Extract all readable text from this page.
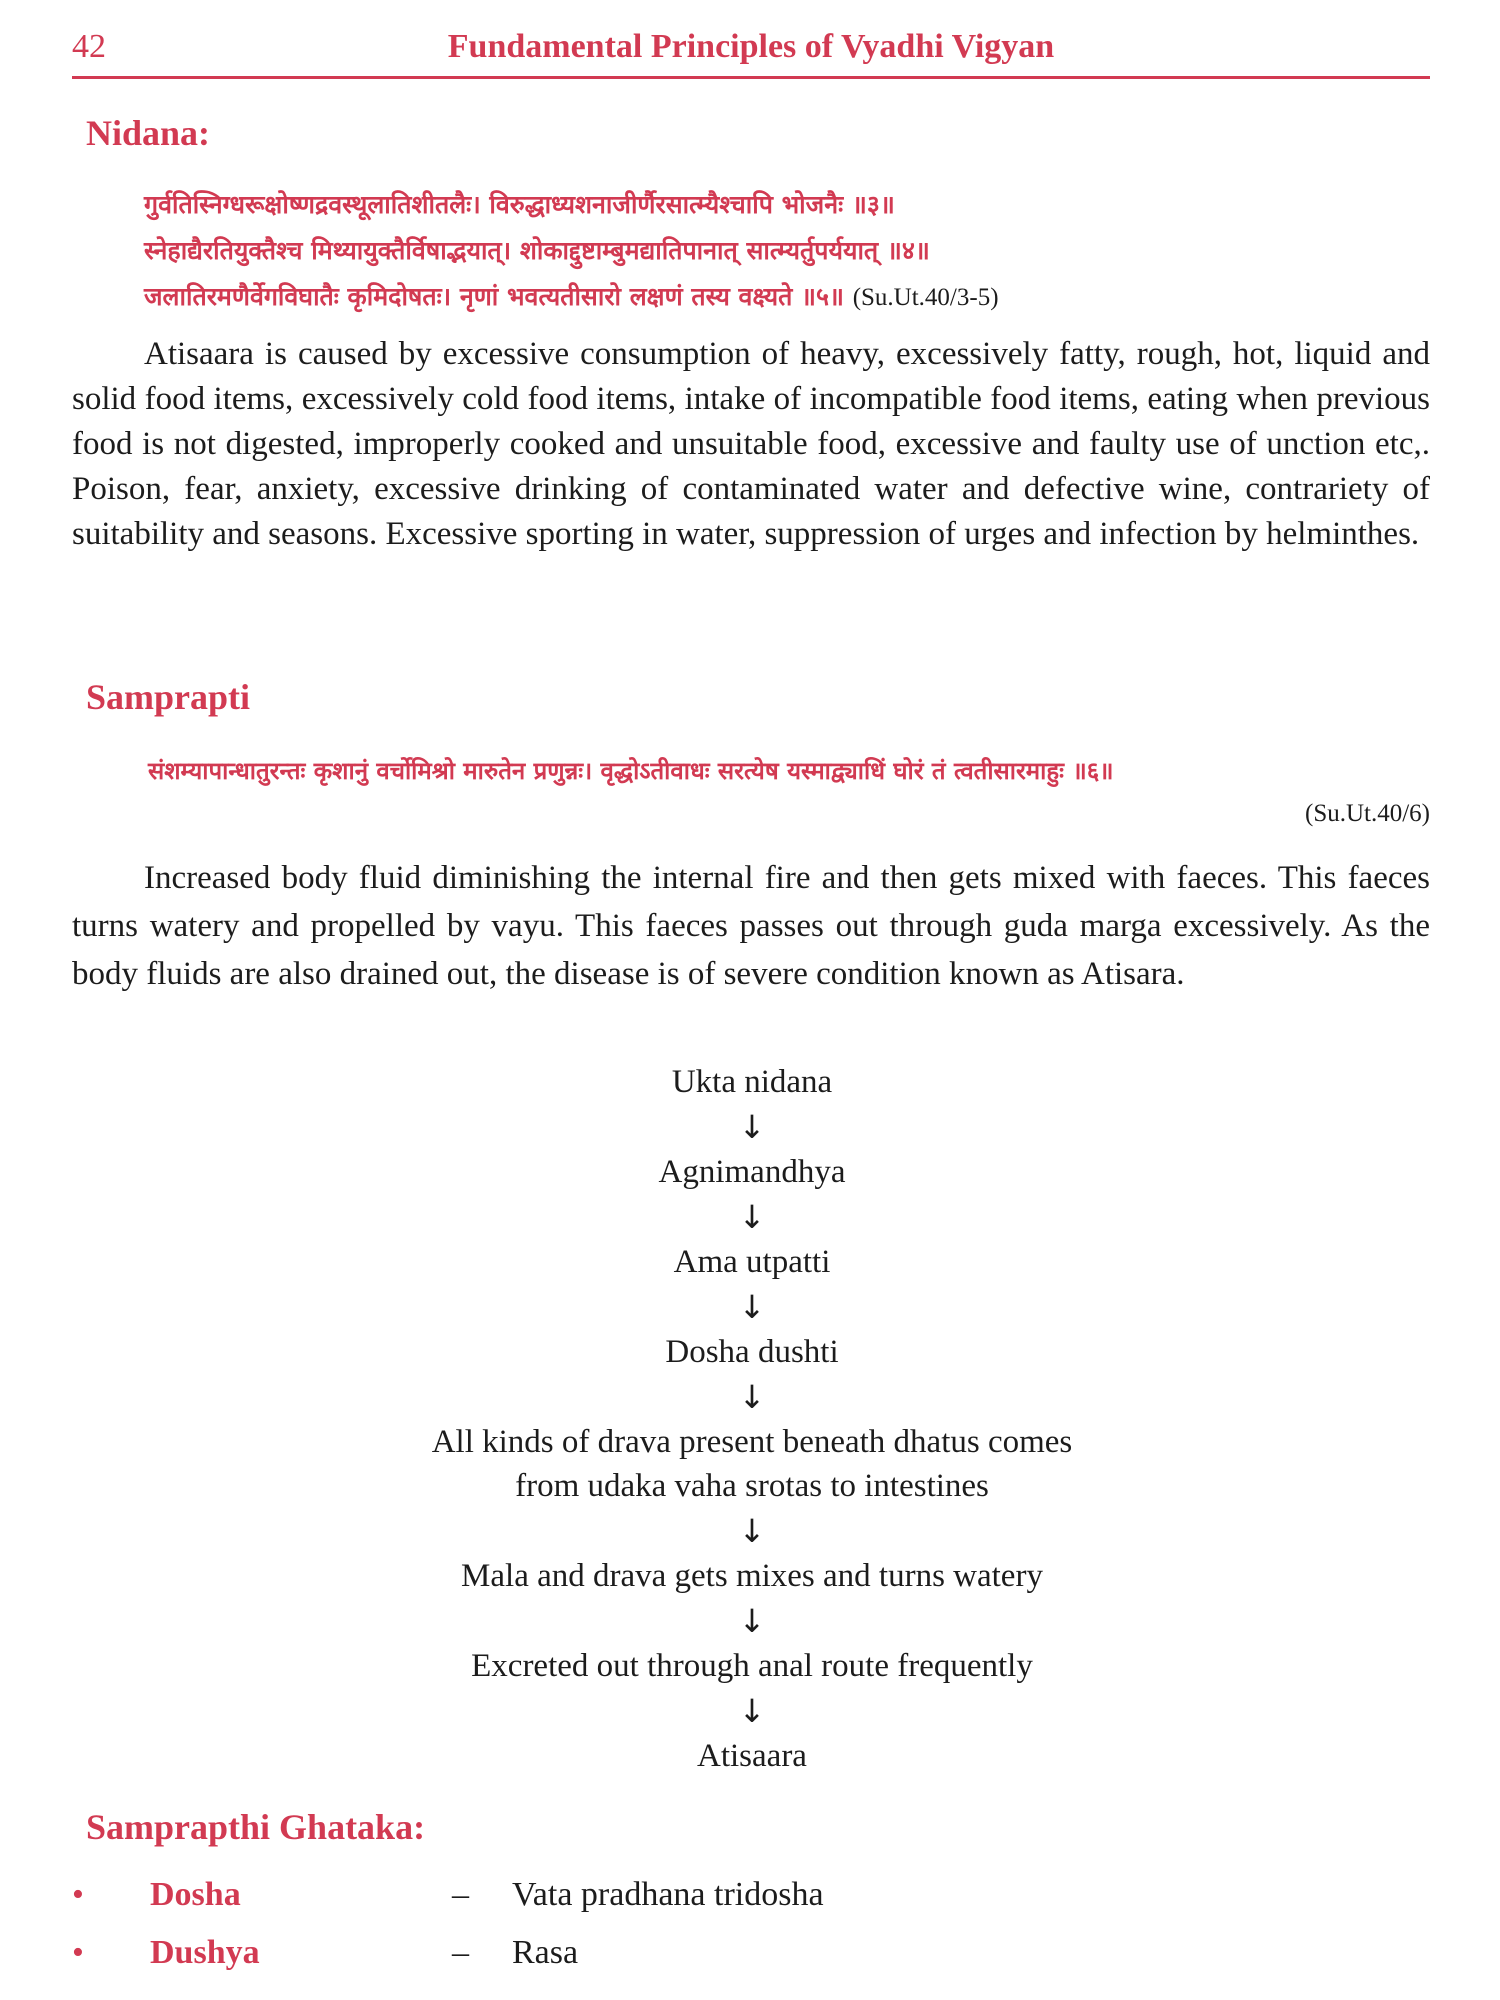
42	Fundamental Principles of Vyadhi Vigyan
Nidana:
गुर्वतिस्निग्धरूक्षोष्णद्रवस्थूलातिशीतलैः। विरुद्धाध्यशनाजीर्णैरसात्म्यैश्चापि भोजनैः ॥३॥
स्नेहाद्यैरतियुक्तैश्च मिथ्यायुक्तैर्विषाद्भयात्। शोकाद्दुष्टाम्बुमद्यातिपानात् सात्म्यर्तुपर्ययात् ॥४॥
जलातिरमणैर्वेगविघातैः कृमिदोषतः। नृणां भवत्यतीसारो लक्षणं तस्य वक्ष्यते ॥५॥ (Su.Ut.40/3-5)

Atisaara is caused by excessive consumption of heavy, excessively fatty, rough, hot, liquid and solid food items, excessively cold food items, intake of incompatible food items, eating when previous food is not digested, improperly cooked and unsuitable food, excessive and faulty use of unction etc,. Poison, fear, anxiety, excessive drinking of contaminated water and defective wine, contrariety of suitability and seasons. Excessive sporting in water, suppression of urges and infection by helminthes.

Samprapti
संशम्यापान्धातुरन्तः कृशानुं वर्चोमिश्रो मारुतेन प्रणुन्नः। वृद्धोऽतीवाधः सरत्येष यस्माद्व्याधिं घोरं तं त्वतीसारमाहुः ॥६॥
(Su.Ut.40/6)

Increased body fluid diminishing the internal fire and then gets mixed with faeces. This faeces turns watery and propelled by vayu. This faeces passes out through guda marga excessively. As the body fluids are also drained out, the disease is of severe condition known as Atisara.

Ukta nidana
↓
Agnimandhya
↓
Ama utpatti
↓
Dosha dushti
↓
All kinds of drava present beneath dhatus comes
from udaka vaha srotas to intestines
↓
Mala and drava gets mixes and turns watery
↓
Excreted out through anal route frequently
↓
Atisaara
Samprapthi Ghataka:
• Dosha	– Vata pradhana tridosha
• Dushya	– Rasa
